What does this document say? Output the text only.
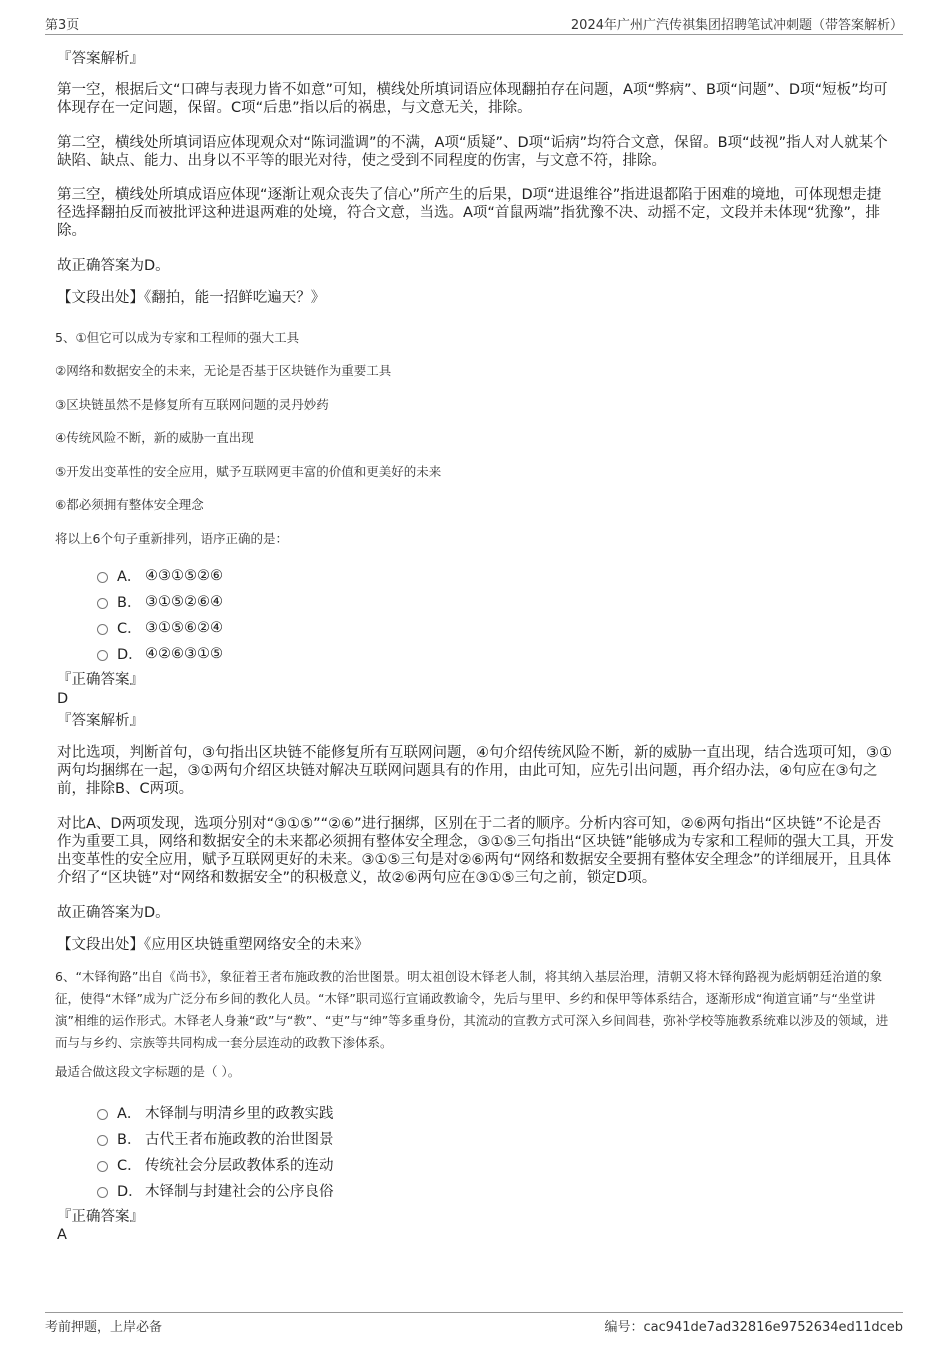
第3页	2024年广州广汽传祺集团招聘笔试冲刺题（带答案解析）
『答案解析』
第一空，根据后文“口碑与表现力皆不如意”可知，横线处所填词语应体现翻拍存在问题，A项“弊病”、B项“问题”、D项“短板”均可体现存在一定问题，保留。C项“后患”指以后的祸患，与文意无关，排除。
第二空，横线处所填词语应体现观众对“陈词滥调”的不满，A项“质疑”、D项“诟病”均符合文意，保留。B项“歧视”指人对人就某个缺陷、缺点、能力、出身以不平等的眼光对待，使之受到不同程度的伤害，与文意不符，排除。
第三空，横线处所填成语应体现“逐渐让观众丧失了信心”所产生的后果，D项“进退维谷”指进退都陷于困难的境地，可体现想走捷径选择翻拍反而被批评这种进退两难的处境，符合文意，当选。A项“首鼠两端”指犹豫不决、动摇不定，文段并未体现“犹豫”，排除。
故正确答案为D。
【文段出处】《翻拍，能一招鲜吃遍天？》
5、①但它可以成为专家和工程师的强大工具
②网络和数据安全的未来，无论是否基于区块链作为重要工具
③区块链虽然不是修复所有互联网问题的灵丹妙药
④传统风险不断，新的威胁一直出现
⑤开发出变革性的安全应用，赋予互联网更丰富的价值和更美好的未来
⑥都必须拥有整体安全理念
将以上6个句子重新排列，语序正确的是：
A． ④③①⑤②⑥
B． ③①⑤②⑥④
C． ③①⑤⑥②④
D． ④②⑥③①⑤
『正确答案』
D
『答案解析』
对比选项，判断首句，③句指出区块链不能修复所有互联网问题，④句介绍传统风险不断，新的威胁一直出现，结合选项可知，③①两句均捆绑在一起，③①两句介绍区块链对解决互联网问题具有的作用，由此可知，应先引出问题，再介绍办法，④句应在③句之前，排除B、C两项。
对比A、D两项发现，选项分别对“③①⑤”“②⑥”进行捆绑，区别在于二者的顺序。分析内容可知，②⑥两句指出“区块链”不论是否作为重要工具，网络和数据安全的未来都必须拥有整体安全理念，③①⑤三句指出“区块链”能够成为专家和工程师的强大工具，开发出变革性的安全应用，赋予互联网更好的未来。③①⑤三句是对②⑥两句“网络和数据安全要拥有整体安全理念”的详细展开，且具体介绍了“区块链”对“网络和数据安全”的积极意义，故②⑥两句应在③①⑤三句之前，锁定D项。
故正确答案为D。
【文段出处】《应用区块链重塑网络安全的未来》
6、“木铎徇路”出自《尚书》，象征着王者布施政教的治世图景。明太祖创设木铎老人制，将其纳入基层治理，清朝又将木铎徇路视为彪炳朝廷治道的象征，使得“木铎”成为广泛分布乡间的教化人员。“木铎”职司巡行宣诵政教谕令，先后与里甲、乡约和保甲等体系结合，逐渐形成“徇道宣诵”与“坐堂讲演”相维的运作形式。木铎老人身兼“政”与“教”、“吏”与“绅”等多重身份，其流动的宣教方式可深入乡间闾巷，弥补学校等施教系统难以涉及的领域，进而与与乡约、宗族等共同构成一套分层连动的政教下渗体系。
最适合做这段文字标题的是（ ）。
A． 木铎制与明清乡里的政教实践
B． 古代王者布施政教的治世图景
C． 传统社会分层政教体系的连动
D． 木铎制与封建社会的公序良俗
『正确答案』
A
考前押题，上岸必备	编号：cac941de7ad32816e9752634ed11dceb
